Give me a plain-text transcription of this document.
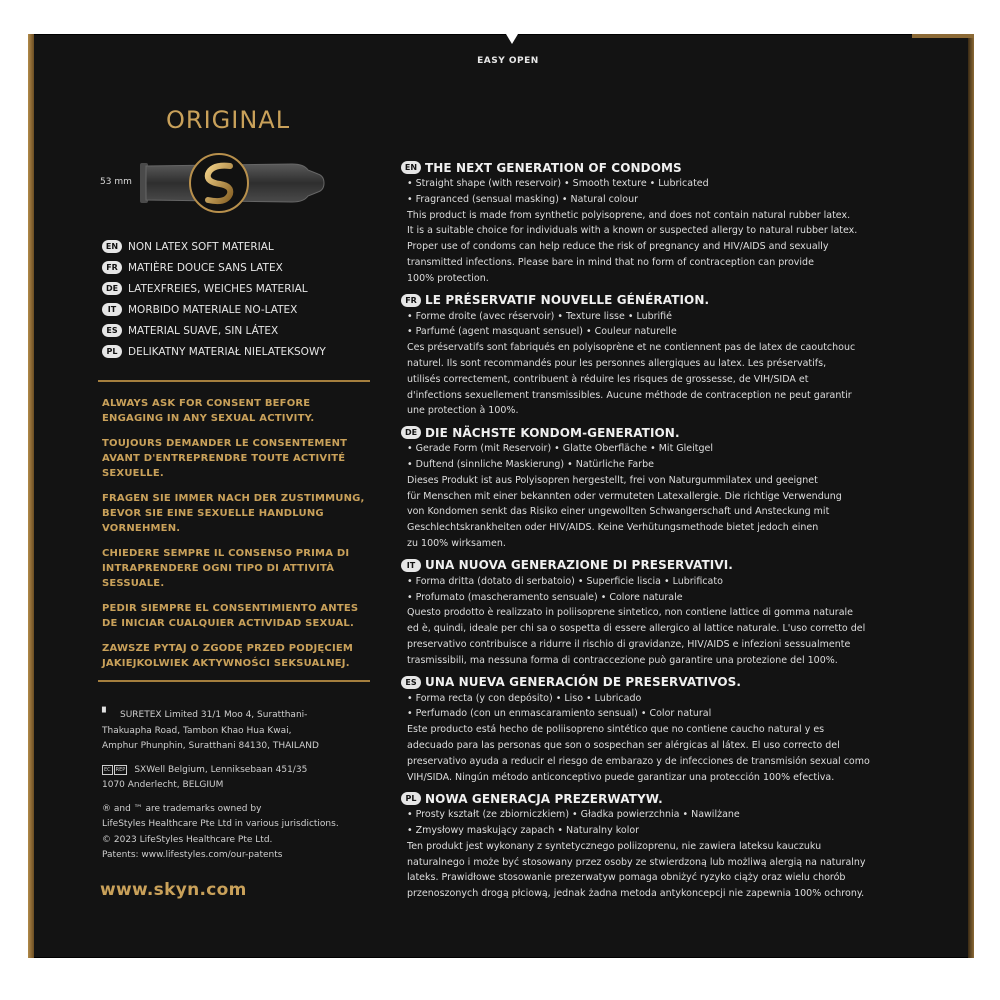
EASY OPEN
ORIGINAL
53 mm
EN NON LATEX SOFT MATERIAL
FR MATIÈRE DOUCE SANS LATEX
DE LATEXFREIES, WEICHES MATERIAL
IT	MORBIDO MATERIALE NO-LATEX
ES MATERIAL SUAVE, SIN LÁTEX
PL	DELIKATNY MATERIAŁ NIELATEKSOWY

ALWAYS ASK FOR CONSENT BEFORE ENGAGING IN ANY SEXUAL ACTIVITY.

TOUJOURS DEMANDER LE CONSENTEMENT AVANT D'ENTREPRENDRE TOUTE ACTIVITÉ SEXUELLE.

FRAGEN SIE IMMER NACH DER ZUSTIMMUNG, BEVOR SIE EINE SEXUELLE HANDLUNG VORNEHMEN.

CHIEDERE SEMPRE IL CONSENSO PRIMA DI INTRAPRENDERE OGNI TIPO DI ATTIVITÀ SESSUALE.

PEDIR SIEMPRE EL CONSENTIMIENTO ANTES DE INICIAR CUALQUIER ACTIVIDAD SEXUAL.

ZAWSZE PYTAJ O ZGODĘ PRZED PODJĘCIEM JAKIEJKOLWIEK AKTYWNOŚCI SEKSUALNEJ.

▘	SURETEX Limited 31/1 Moo 4, Suratthani-
Thakuapha Road, Tambon Khao Hua Kwai,
Amphur Phunphin, Suratthani 84130, THAILAND
EC	REP SXWell Belgium, Lenniksebaan 451/35
1070 Anderlecht, BELGIUM
® and ™ are trademarks owned by
LifeStyles Healthcare Pte Ltd in various jurisdictions.
© 2023 LifeStyles Healthcare Pte Ltd.
Patents: www.lifestyles.com/our-patents
www.skyn.com
EN THE NEXT GENERATION OF CONDOMS
• Straight shape (with reservoir) • Smooth texture • Lubricated
• Fragranced (sensual masking) • Natural colour

This product is made from synthetic polyisoprene, and does not contain natural rubber latex.

It is a suitable choice for individuals with a known or suspected allergy to natural rubber latex.

Proper use of condoms can help reduce the risk of pregnancy and HIV/AIDS and sexually

transmitted infections. Please bare in mind that no form of contraception can provide

100% protection.

FR LE PRÉSERVATIF NOUVELLE GÉNÉRATION.
• Forme droite (avec réservoir) • Texture lisse • Lubrifié
• Parfumé (agent masquant sensuel) • Couleur naturelle

Ces préservatifs sont fabriqués en polyisoprène et ne contiennent pas de latex de caoutchouc

naturel. Ils sont recommandés pour les personnes allergiques au latex. Les préservatifs,

utilisés correctement, contribuent à réduire les risques de grossesse, de VIH/SIDA et

d'infections sexuellement transmissibles. Aucune méthode de contraception ne peut garantir

une protection à 100%.

DE DIE NÄCHSTE KONDOM-GENERATION.
• Gerade Form (mit Reservoir) • Glatte Oberfläche • Mit Gleitgel
• Duftend (sinnliche Maskierung) • Natürliche Farbe

Dieses Produkt ist aus Polyisopren hergestellt, frei von Naturgummilatex und geeignet

für Menschen mit einer bekannten oder vermuteten Latexallergie. Die richtige Verwendung

von Kondomen senkt das Risiko einer ungewollten Schwangerschaft und Ansteckung mit

Geschlechtskrankheiten oder HIV/AIDS. Keine Verhütungsmethode bietet jedoch einen

zu 100% wirksamen.

IT UNA NUOVA GENERAZIONE DI PRESERVATIVI.
• Forma dritta (dotato di serbatoio) • Superficie liscia • Lubrificato
• Profumato (mascheramento sensuale) • Colore naturale

Questo prodotto è realizzato in poliisoprene sintetico, non contiene lattice di gomma naturale

ed è, quindi, ideale per chi sa o sospetta di essere allergico al lattice naturale. L'uso corretto del

preservativo contribuisce a ridurre il rischio di gravidanze, HIV/AIDS e infezioni sessualmente

trasmissibili, ma nessuna forma di contraccezione può garantire una protezione del 100%.

ES UNA NUEVA GENERACIÓN DE PRESERVATIVOS.
• Forma recta (y con depósito) • Liso • Lubricado
• Perfumado (con un enmascaramiento sensual) • Color natural

Este producto está hecho de poliisopreno sintético que no contiene caucho natural y es

adecuado para las personas que son o sospechan ser alérgicas al látex. El uso correcto del

preservativo ayuda a reducir el riesgo de embarazo y de infecciones de transmisión sexual como

VIH/SIDA. Ningún método anticonceptivo puede garantizar una protección 100% efectiva.

PL NOWA GENERACJA PREZERWATYW.
• Prosty kształt (ze zbiorniczkiem) • Gładka powierzchnia • Nawilżane
• Zmysłowy maskujący zapach • Naturalny kolor

Ten produkt jest wykonany z syntetycznego poliizoprenu, nie zawiera lateksu kauczuku

naturalnego i może być stosowany przez osoby ze stwierdzoną lub możliwą alergią na naturalny

lateks. Prawidłowe stosowanie prezerwatyw pomaga obniżyć ryzyko ciąży oraz wielu chorób

przenoszonych drogą płciową, jednak żadna metoda antykoncepcji nie zapewnia 100% ochrony.
